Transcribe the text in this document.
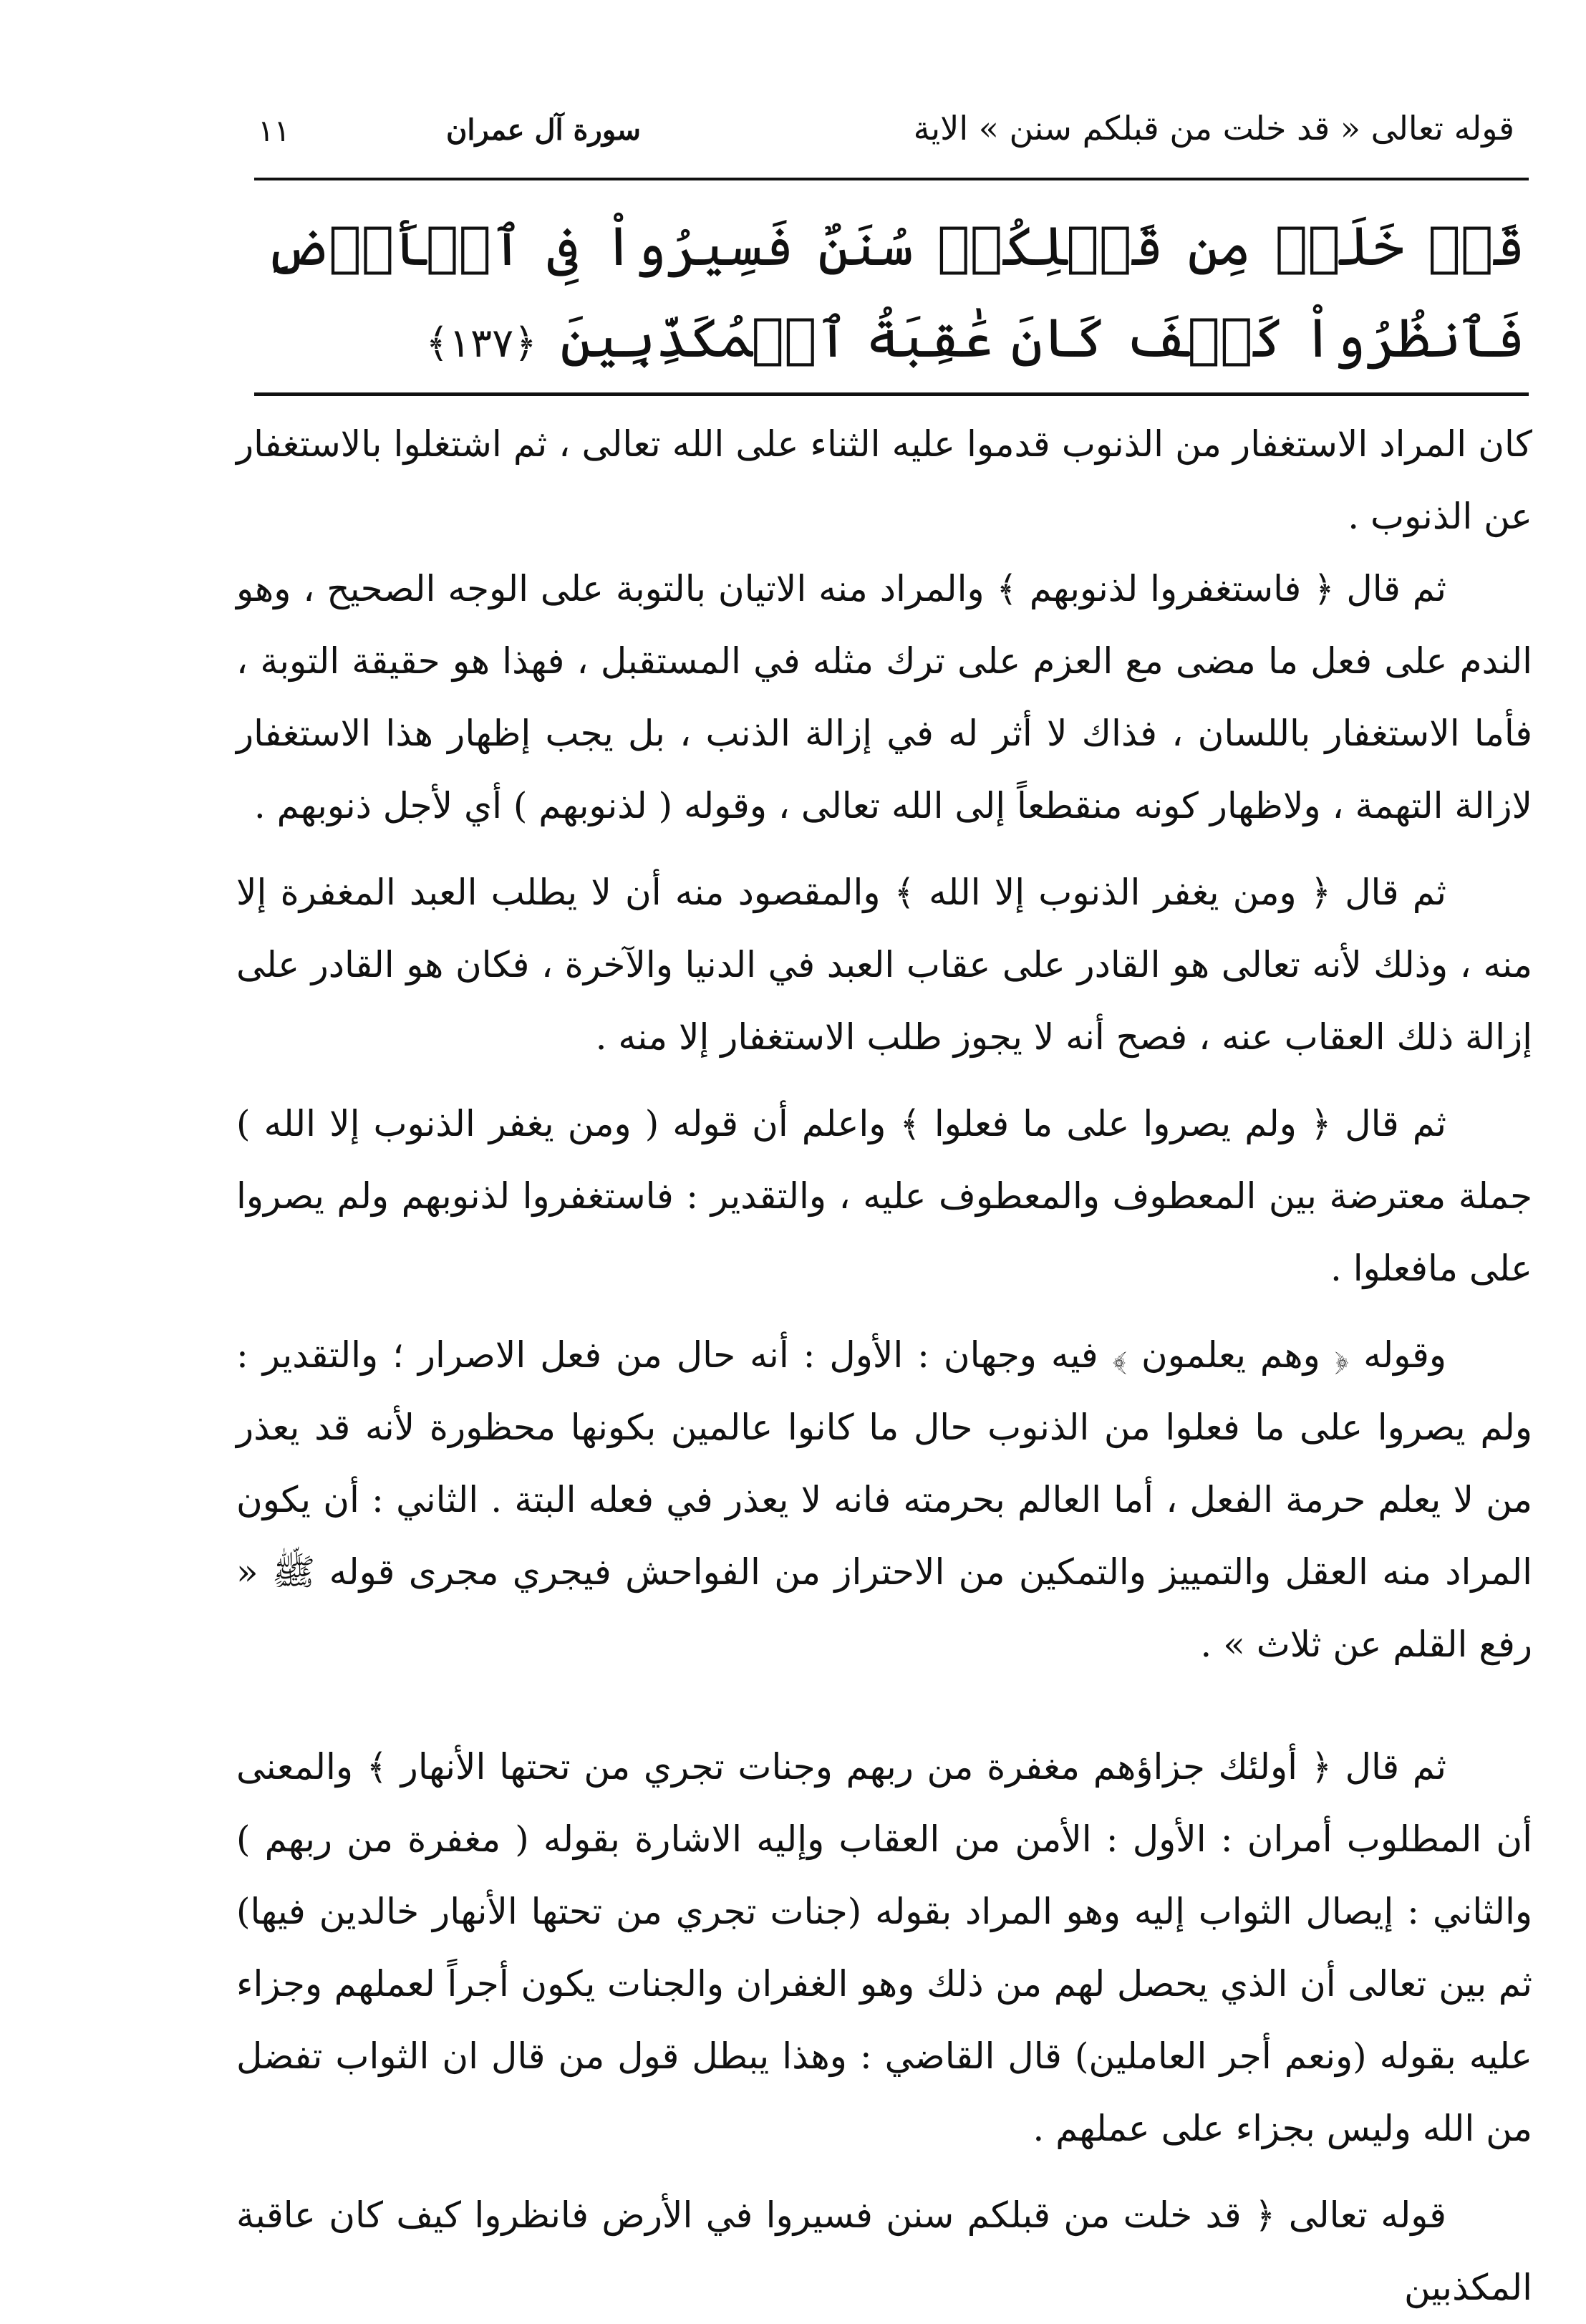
قوله تعالى « قد خلت من قبلكم سنن » الاية
سورة آل عمران
١١
قَدۡ خَلَتۡ مِن قَبۡلِكُمۡ سُنَنٌ فَسِيرُواْ فِى ٱلۡأَرۡضِ فَٱنظُرُواْ كَيۡفَ كَانَ عَٰقِبَةُ ٱلۡمُكَذِّبِينَ ﴿١٣٧﴾

كان المراد الاستغفار من الذنوب قدموا عليه الثناء على الله تعالى ، ثم اشتغلوا بالاستغفار عن الذنوب .

ثم قال ﴿ فاستغفروا لذنوبهم ﴾ والمراد منه الاتيان بالتوبة على الوجه الصحيح ، وهو الندم على فعل ما مضى مع العزم على ترك مثله في المستقبل ، فهذا هو حقيقة التوبة ، فأما الاستغفار باللسان ، فذاك لا أثر له في إزالة الذنب ، بل يجب إظهار هذا الاستغفار لازالة التهمة ، ولاظهار كونه منقطعاً إلى الله تعالى ، وقوله ( لذنوبهم ) أي لأجل ذنوبهم .

ثم قال ﴿ ومن يغفر الذنوب إلا الله ﴾ والمقصود منه أن لا يطلب العبد المغفرة إلا منه ، وذلك لأنه تعالى هو القادر على عقاب العبد في الدنيا والآخرة ، فكان هو القادر على إزالة ذلك العقاب عنه ، فصح أنه لا يجوز طلب الاستغفار إلا منه .

ثم قال ﴿ ولم يصروا على ما فعلوا ﴾ واعلم أن قوله ( ومن يغفر الذنوب إلا الله ) جملة معترضة بين المعطوف والمعطوف عليه ، والتقدير : فاستغفروا لذنوبهم ولم يصروا على مافعلوا .

وقوله ﴿ وهم يعلمون ﴾ فيه وجهان : الأول : أنه حال من فعل الاصرار ؛ والتقدير : ولم يصروا على ما فعلوا من الذنوب حال ما كانوا عالمين بكونها محظورة لأنه قد يعذر من لا يعلم حرمة الفعل ، أما العالم بحرمته فانه لا يعذر في فعله البتة . الثاني : أن يكون المراد منه العقل والتمييز والتمكين من الاحتراز من الفواحش فيجري مجرى قوله ﷺ « رفع القلم عن ثلاث » .

ثم قال ﴿ أولئك جزاؤهم مغفرة من ربهم وجنات تجري من تحتها الأنهار ﴾ والمعنى أن المطلوب أمران : الأول : الأمن من العقاب وإليه الاشارة بقوله ( مغفرة من ربهم ) والثاني : إيصال الثواب إليه وهو المراد بقوله (جنات تجري من تحتها الأنهار خالدين فيها) ثم بين تعالى أن الذي يحصل لهم من ذلك وهو الغفران والجنات يكون أجراً لعملهم وجزاء عليه بقوله (ونعم أجر العاملين) قال القاضي : وهذا يبطل قول من قال ان الثواب تفضل من الله وليس بجزاء على عملهم .

قوله تعالى ﴿ قد خلت من قبلكم سنن فسيروا في الأرض فانظروا كيف كان عاقبة المكذبين
